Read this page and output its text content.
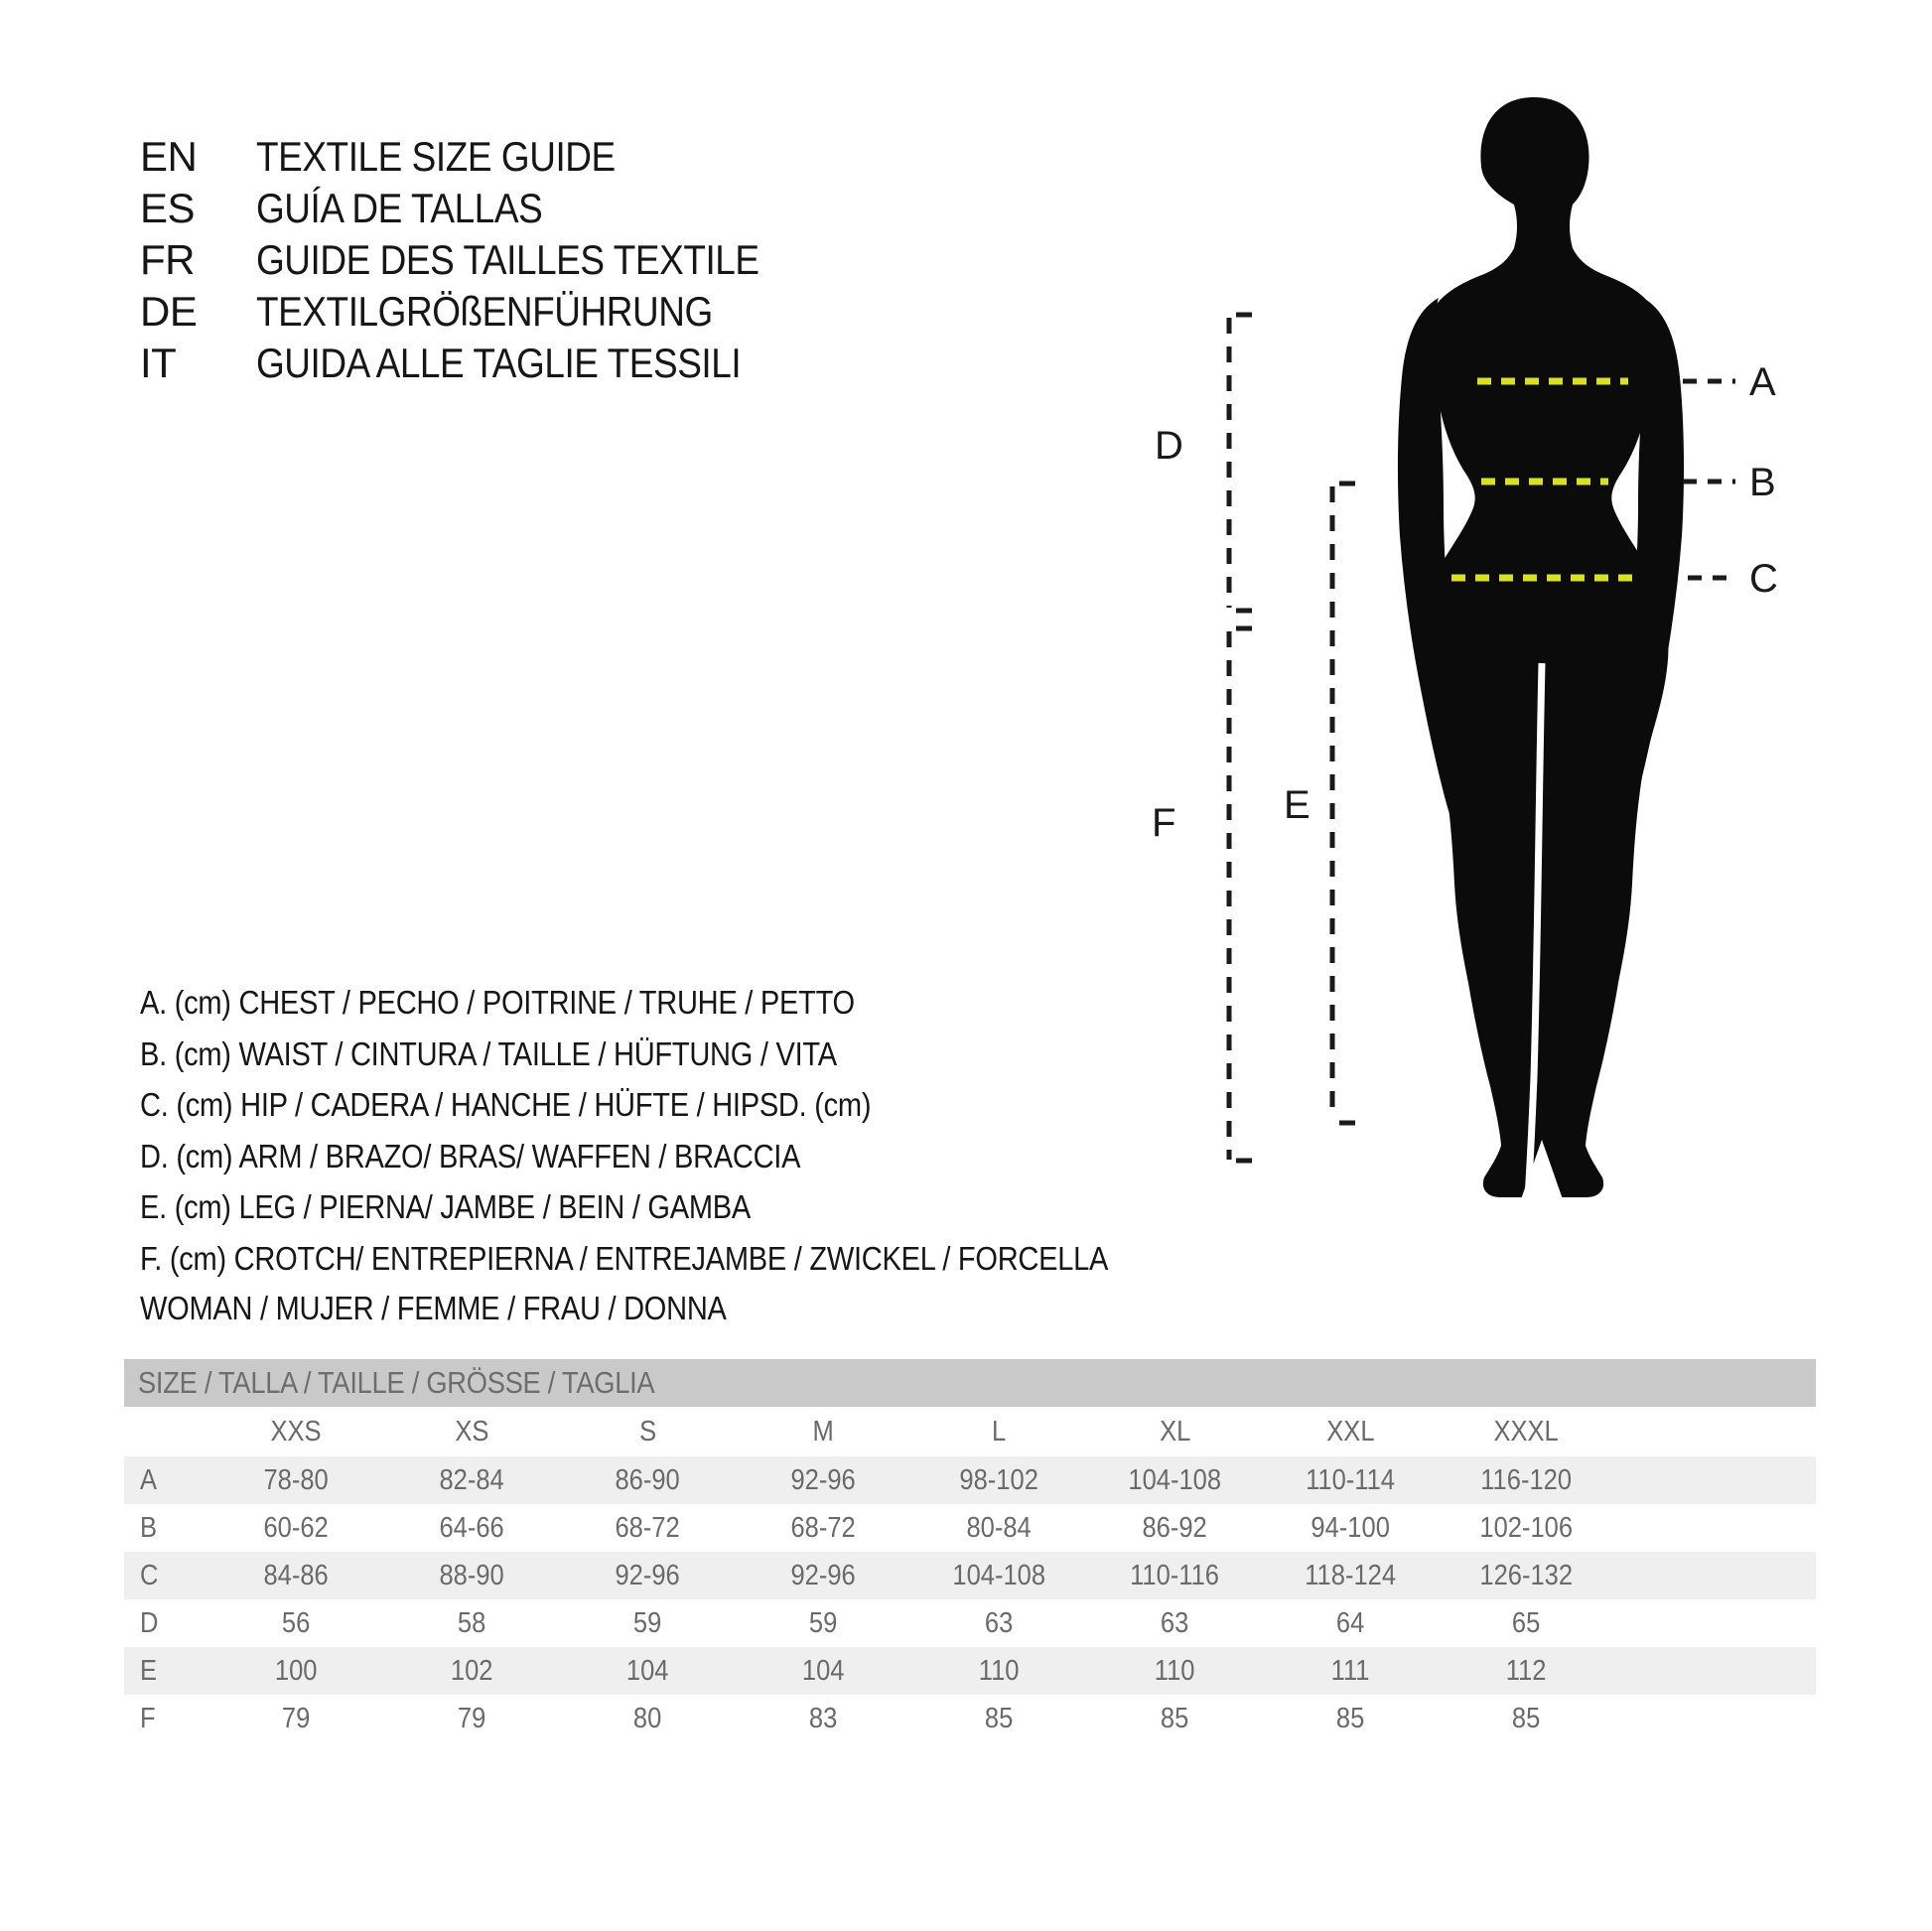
EN	TEXTILE SIZE GUIDE
ES	GUÍA DE TALLAS
FR	GUIDE DES TAILLES TEXTILE
DE	TEXTILGRÖßENFÜHRUNG
IT	GUIDA ALLE TAGLIE TESSILI
A. (cm) CHEST / PECHO / POITRINE / TRUHE / PETTO
B. (cm) WAIST / CINTURA / TAILLE / HÜFTUNG / VITA
C. (cm) HIP / CADERA / HANCHE / HÜFTE / HIPSD. (cm)
D. (cm) ARM / BRAZO/ BRAS/ WAFFEN / BRACCIA
E. (cm) LEG / PIERNA/ JAMBE / BEIN / GAMBA
F. (cm) CROTCH/ ENTREPIERNA / ENTREJAMBE / ZWICKEL / FORCELLA
WOMAN / MUJER / FEMME / FRAU / DONNA
A
B
C
D
F	E
SIZE / TALLA / TAILLE / GRÖSSE / TAGLIA
XXS	XS	S	M	L	XL	XXL	XXXL
A	78-80	82-84	86-90	92-96	98-102	104-108	110-114	116-120
B	60-62	64-66	68-72	68-72	80-84	86-92	94-100	102-106
C	84-86	88-90	92-96	92-96	104-108	110-116	118-124	126-132
D	56	58	59	59	63	63	64	65
E	100	102	104	104	110	110	111	112
F	79	79	80	83	85	85	85	85
